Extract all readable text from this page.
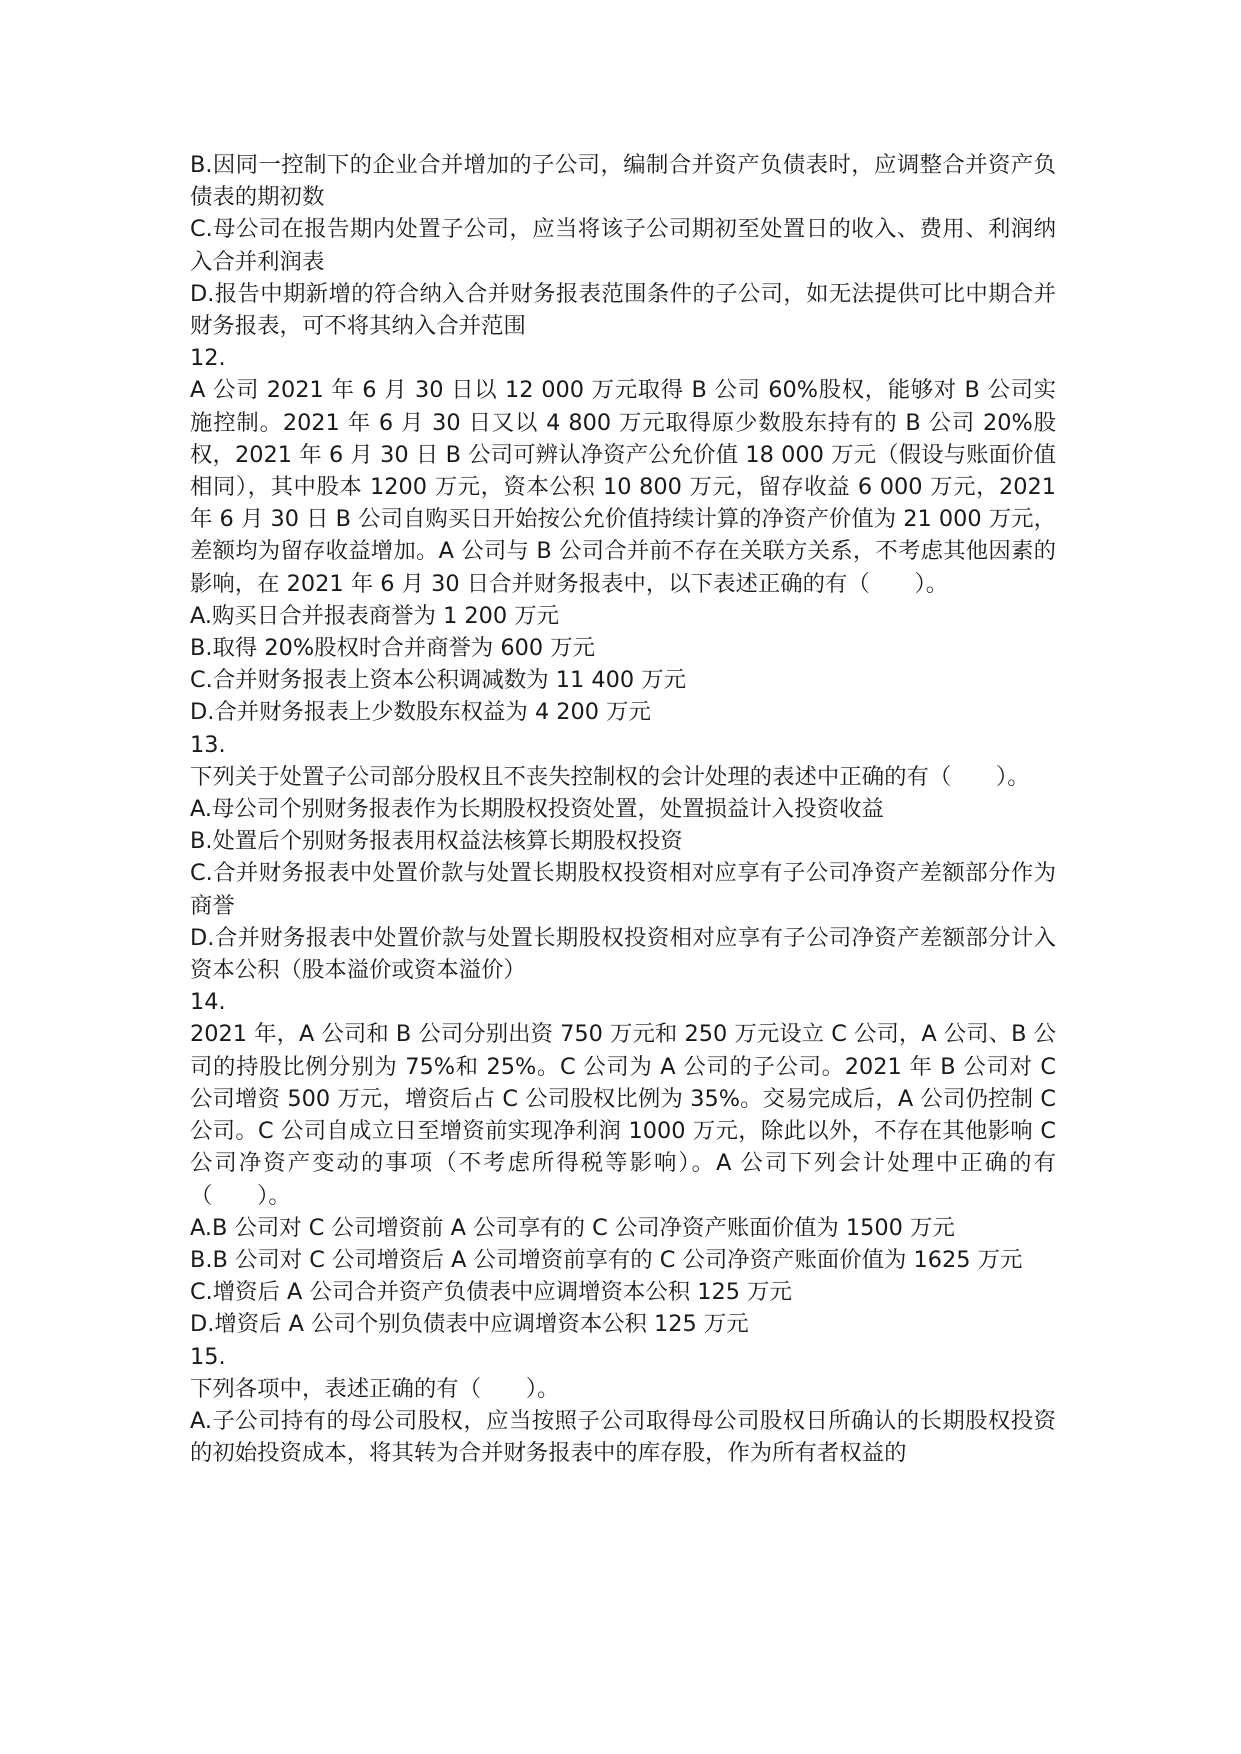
B.因同一控制下的企业合并增加的子公司，编制合并资产负债表时，应调整合并资产负债表的期初数

C.母公司在报告期内处置子公司，应当将该子公司期初至处置日的收入、费用、利润纳入合并利润表

D.报告中期新增的符合纳入合并财务报表范围条件的子公司，如无法提供可比中期合并财务报表，可不将其纳入合并范围

12.

A 公司 2021 年 6 月 30 日以 12 000 万元取得 B 公司 60%股权，能够对 B 公司实施控制。2021 年 6 月 30 日又以 4 800 万元取得原少数股东持有的 B 公司 20%股权，2021 年 6 月 30 日 B 公司可辨认净资产公允价值 18 000 万元（假设与账面价值相同），其中股本 1200 万元，资本公积 10 800 万元，留存收益 6 000 万元，2021 年 6 月 30 日 B 公司自购买日开始按公允价值持续计算的净资产价值为 21 000 万元，差额均为留存收益增加。A 公司与 B 公司合并前不存在关联方关系，不考虑其他因素的影响，在 2021 年 6 月 30 日合并财务报表中，以下表述正确的有（　　）。

A.购买日合并报表商誉为 1 200 万元

B.取得 20%股权时合并商誉为 600 万元

C.合并财务报表上资本公积调减数为 11 400 万元

D.合并财务报表上少数股东权益为 4 200 万元

13.

下列关于处置子公司部分股权且不丧失控制权的会计处理的表述中正确的有（　　）。

A.母公司个别财务报表作为长期股权投资处置，处置损益计入投资收益

B.处置后个别财务报表用权益法核算长期股权投资

C.合并财务报表中处置价款与处置长期股权投资相对应享有子公司净资产差额部分作为商誉

D.合并财务报表中处置价款与处置长期股权投资相对应享有子公司净资产差额部分计入资本公积（股本溢价或资本溢价）

14.

2021 年，A 公司和 B 公司分别出资 750 万元和 250 万元设立 C 公司，A 公司、B 公司的持股比例分别为 75%和 25%。C 公司为 A 公司的子公司。2021 年 B 公司对 C 公司增资 500 万元，增资后占 C 公司股权比例为 35%。交易完成后，A 公司仍控制 C 公司。C 公司自成立日至增资前实现净利润 1000 万元，除此以外，不存在其他影响 C 公司净资产变动的事项（不考虑所得税等影响）。A 公司下列会计处理中正确的有（　　）。

A.B 公司对 C 公司增资前 A 公司享有的 C 公司净资产账面价值为 1500 万元

B.B 公司对 C 公司增资后 A 公司增资前享有的 C 公司净资产账面价值为 1625 万元

C.增资后 A 公司合并资产负债表中应调增资本公积 125 万元

D.增资后 A 公司个别负债表中应调增资本公积 125 万元

15.

下列各项中，表述正确的有（　　）。

A.子公司持有的母公司股权，应当按照子公司取得母公司股权日所确认的长期股权投资的初始投资成本，将其转为合并财务报表中的库存股，作为所有者权益的
